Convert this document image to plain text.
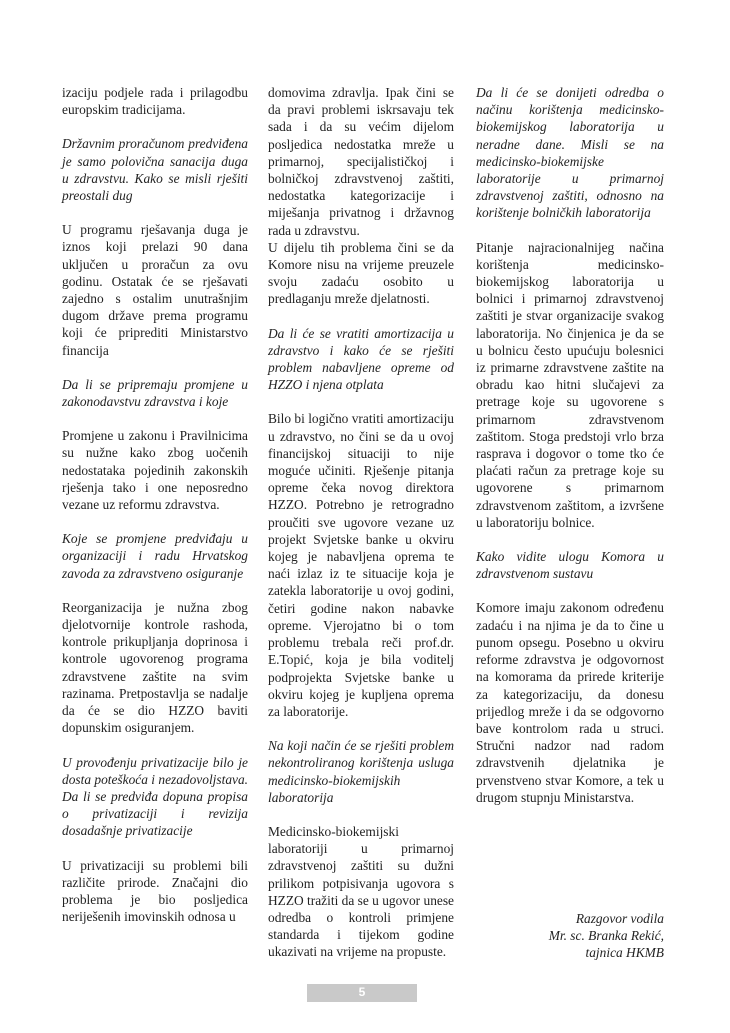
izaciju podjele rada i prilagodbu europskim tradicijama.

Državnim proračunom predviđena je samo polovična sanacija duga u zdravstvu. Kako se misli rješiti preostali dug

U programu rješavanja duga je iznos koji prelazi 90 dana uključen u proračun za ovu godinu. Ostatak će se rješavati zajedno s ostalim unutrašnjim dugom države prema programu koji će priprediti Ministarstvo financija

Da li se pripremaju promjene u zakonodavstvu zdravstva i koje

Promjene u zakonu i Pravilnicima su nužne kako zbog uočenih nedostataka pojedinih zakonskih rješenja tako i one neposredno vezane uz reformu zdravstva.

Koje se promjene predviđaju u organizaciji i radu Hrvatskog zavoda za zdravstveno osiguranje

Reorganizacija je nužna zbog djelotvornije kontrole rashoda, kontrole prikupljanja doprinosa i kontrole ugovorenog programa zdravstvene zaštite na svim razinama. Pretpostavlja se nadalje da će se dio HZZO baviti dopunskim osiguranjem.

U provođenju privatizacije bilo je dosta poteškoća i nezadovoljstava. Da li se predviđa dopuna propisa o privatizaciji i revizija dosadašnje privatizacije

U privatizaciji su problemi bili različite prirode. Značajni dio problema je bio posljedica neriješenih imovinskih odnosa u

domovima zdravlja. Ipak čini se da pravi problemi iskrsavaju tek sada i da su većim dijelom posljedica nedostatka mreže u primarnoj, specijalističkoj i bolničkoj zdravstvenoj zaštiti, nedostatka kategorizacije i miješanja privatnog i državnog rada u zdravstvu.

U dijelu tih problema čini se da Komore nisu na vrijeme preuzele svoju zadaću osobito u predlaganju mreže djelatnosti.

Da li će se vratiti amortizacija u zdravstvo i kako će se rješiti problem nabavljene opreme od HZZO i njena otplata

Bilo bi logično vratiti amortizaciju u zdravstvo, no čini se da u ovoj financijskoj situaciji to nije moguće učiniti. Rješenje pitanja opreme čeka novog direktora HZZO. Potrebno je retrogradno proučiti sve ugovore vezane uz projekt Svjetske banke u okviru kojeg je nabavljena oprema te naći izlaz iz te situacije koja je zatekla laboratorije u ovoj godini, četiri godine nakon nabavke opreme. Vjerojatno bi o tom problemu trebala reči prof.dr. E.Topić, koja je bila voditelj podprojekta Svjetske banke u okviru kojeg je kupljena oprema za laboratorije.

Na koji način će se rješiti problem nekontroliranog korištenja usluga medicinsko-biokemijskih laboratorija

Medicinsko-biokemijski laboratoriji u primarnoj zdravstvenoj zaštiti su dužni prilikom potpisivanja ugovora s HZZO tražiti da se u ugovor unese odredba o kontroli primjene standarda i tijekom godine ukazivati na vrijeme na propuste.

Da li će se donijeti odredba o načinu korištenja medicinsko-biokemijskog laboratorija u neradne dane. Misli se na medicinsko-biokemijske laboratorije u primarnoj zdravstvenoj zaštiti, odnosno na korištenje bolničkih laboratorija

Pitanje najracionalnijeg načina korištenja medicinsko-biokemijskog laboratorija u bolnici i primarnoj zdravstvenoj zaštiti je stvar organizacije svakog laboratorija. No činjenica je da se u bolnicu često upućuju bolesnici iz primarne zdravstvene zaštite na obradu kao hitni slučajevi za pretrage koje su ugovorene s primarnom zdravstvenom zaštitom. Stoga predstoji vrlo brza rasprava i dogovor o tome tko će plaćati račun za pretrage koje su ugovorene s primarnom zdravstvenom zaštitom, a izvršene u laboratoriju bolnice.

Kako vidite ulogu Komora u zdravstvenom sustavu

Komore imaju zakonom određenu zadaću i na njima je da to čine u punom opsegu. Posebno u okviru reforme zdravstva je odgovornost na komorama da prirede kriterije za kategorizaciju, da donesu prijedlog mreže i da se odgovorno bave kontrolom rada u struci. Stručni nadzor nad radom zdravstvenih djelatnika je prvenstveno stvar Komore, a tek u drugom stupnju Ministarstva.

Razgovor vodila
Mr. sc. Branka Rekić,
tajnica HKMB
5
